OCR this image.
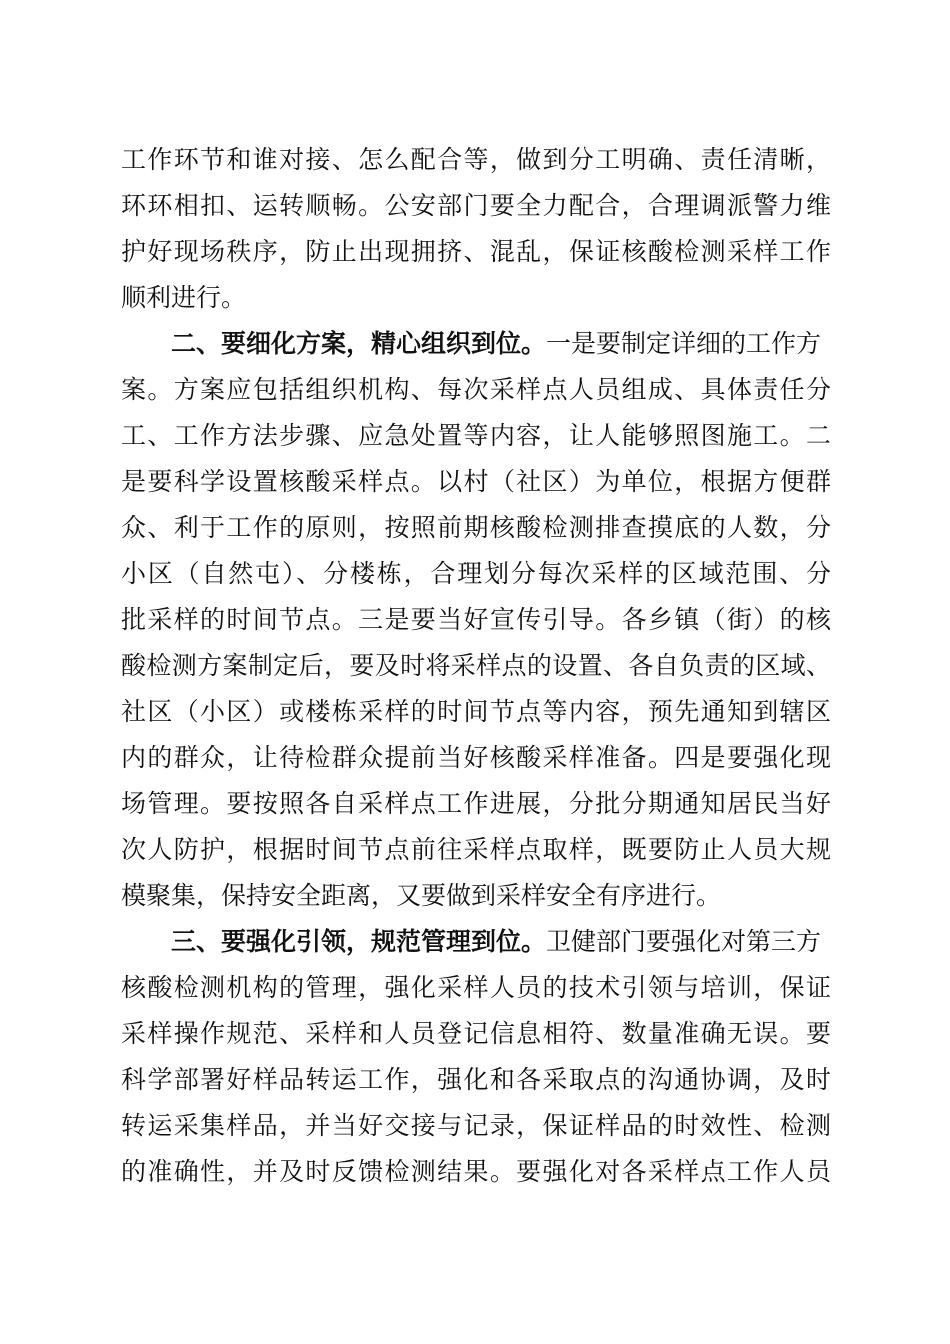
工作环节和谁对接、怎么配合等，做到分工明确、责任清晰，
环环相扣、运转顺畅。公安部门要全力配合，合理调派警力维
护好现场秩序，防止出现拥挤、混乱，保证核酸检测采样工作
顺利进行。
二、要细化方案，精心组织到位。一是要制定详细的工作方
案。方案应包括组织机构、每次采样点人员组成、具体责任分
工、工作方法步骤、应急处置等内容，让人能够照图施工。二
是要科学设置核酸采样点。以村（社区）为单位，根据方便群
众、利于工作的原则，按照前期核酸检测排查摸底的人数，分
小区（自然屯）、分楼栋，合理划分每次采样的区域范围、分
批采样的时间节点。三是要当好宣传引导。各乡镇（街）的核
酸检测方案制定后，要及时将采样点的设置、各自负责的区域、
社区（小区）或楼栋采样的时间节点等内容，预先通知到辖区
内的群众，让待检群众提前当好核酸采样准备。四是要强化现
场管理。要按照各自采样点工作进展，分批分期通知居民当好
次人防护，根据时间节点前往采样点取样，既要防止人员大规
模聚集，保持安全距离，又要做到采样安全有序进行。
三、要强化引领，规范管理到位。卫健部门要强化对第三方
核酸检测机构的管理，强化采样人员的技术引领与培训，保证
采样操作规范、采样和人员登记信息相符、数量准确无误。要
科学部署好样品转运工作，强化和各采取点的沟通协调，及时
转运采集样品，并当好交接与记录，保证样品的时效性、检测
的准确性，并及时反馈检测结果。要强化对各采样点工作人员
